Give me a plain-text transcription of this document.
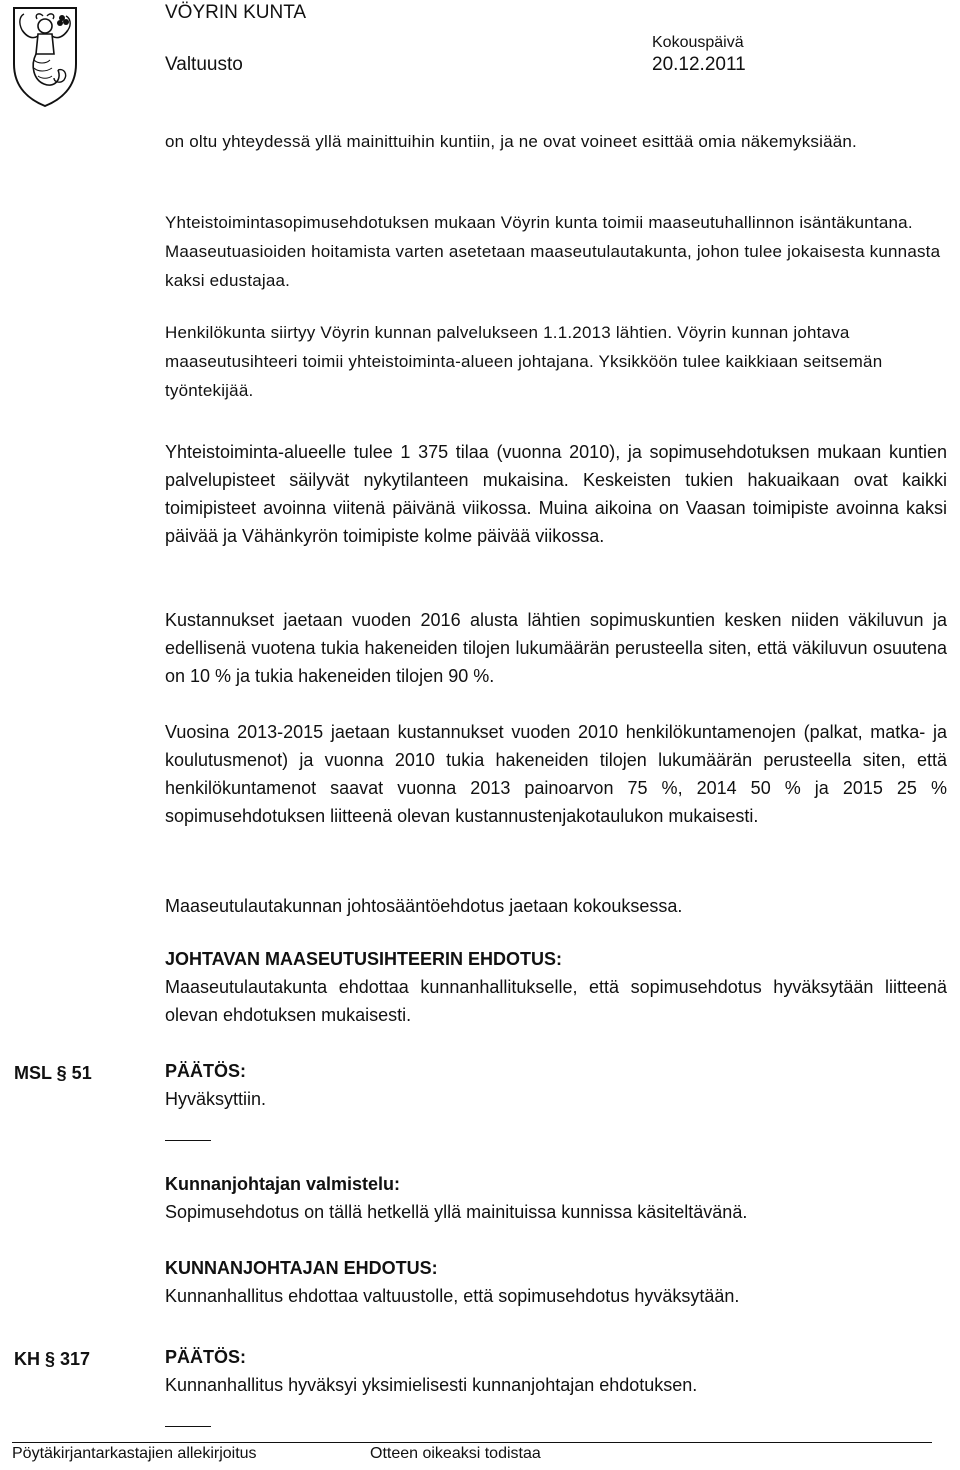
VÖYRIN KUNTA
Valtuusto
Kokouspäivä
20.12.2011

on oltu yhteydessä yllä mainittuihin kuntiin, ja ne ovat voineet esittää omia näkemyksiään.

Yhteistoimintasopimusehdotuksen mukaan Vöyrin kunta toimii maaseutuhallinnon isäntäkuntana. Maaseutuasioiden hoitamista varten asetetaan maaseutulautakunta, johon tulee jokaisesta kunnasta kaksi edustajaa.

Henkilökunta siirtyy Vöyrin kunnan palvelukseen 1.1.2013 lähtien. Vöyrin kunnan johtava maaseutusihteeri toimii yhteistoiminta-alueen johtajana. Yksikköön tulee kaikkiaan seitsemän työntekijää.

Yhteistoiminta-alueelle tulee 1 375 tilaa (vuonna 2010), ja sopimusehdotuksen mukaan kuntien palvelupisteet säilyvät nykytilanteen mukaisina. Keskeisten tukien hakuaikaan ovat kaikki toimipisteet avoinna viitenä päivänä viikossa. Muina aikoina on Vaasan toimipiste avoinna kaksi päivää ja Vähänkyrön toimipiste kolme päivää viikossa.

Kustannukset jaetaan vuoden 2016 alusta lähtien sopimuskuntien kesken niiden väkiluvun ja edellisenä vuotena tukia hakeneiden tilojen lukumäärän perusteella siten, että väkiluvun osuutena on 10 % ja tukia hakeneiden tilojen 90 %.

Vuosina 2013-2015 jaetaan kustannukset vuoden 2010 henkilökuntamenojen (palkat, matka- ja koulutusmenot) ja vuonna 2010 tukia hakeneiden tilojen lukumäärän perusteella siten, että henkilökuntamenot saavat vuonna 2013 painoarvon 75 %, 2014 50 % ja 2015 25 % sopimusehdotuksen liitteenä olevan kustannustenjakotaulukon mukaisesti.

Maaseutulautakunnan johtosääntöehdotus jaetaan kokouksessa.

JOHTAVAN MAASEUTUSIHTEERIN EHDOTUS:

Maaseutulautakunta ehdottaa kunnanhallitukselle, että sopimusehdotus hyväksytään liitteenä olevan ehdotuksen mukaisesti.

MSL § 51	PÄÄTÖS:
Hyväksyttiin.
Kunnanjohtajan valmistelu:
Sopimusehdotus on tällä hetkellä yllä mainituissa kunnissa käsiteltävänä.
KUNNANJOHTAJAN EHDOTUS:
Kunnanhallitus ehdottaa valtuustolle, että sopimusehdotus hyväksytään.
KH § 317	PÄÄTÖS:
Kunnanhallitus hyväksyi yksimielisesti kunnanjohtajan ehdotuksen.
Pöytäkirjantarkastajien allekirjoitus	Otteen oikeaksi todistaa
